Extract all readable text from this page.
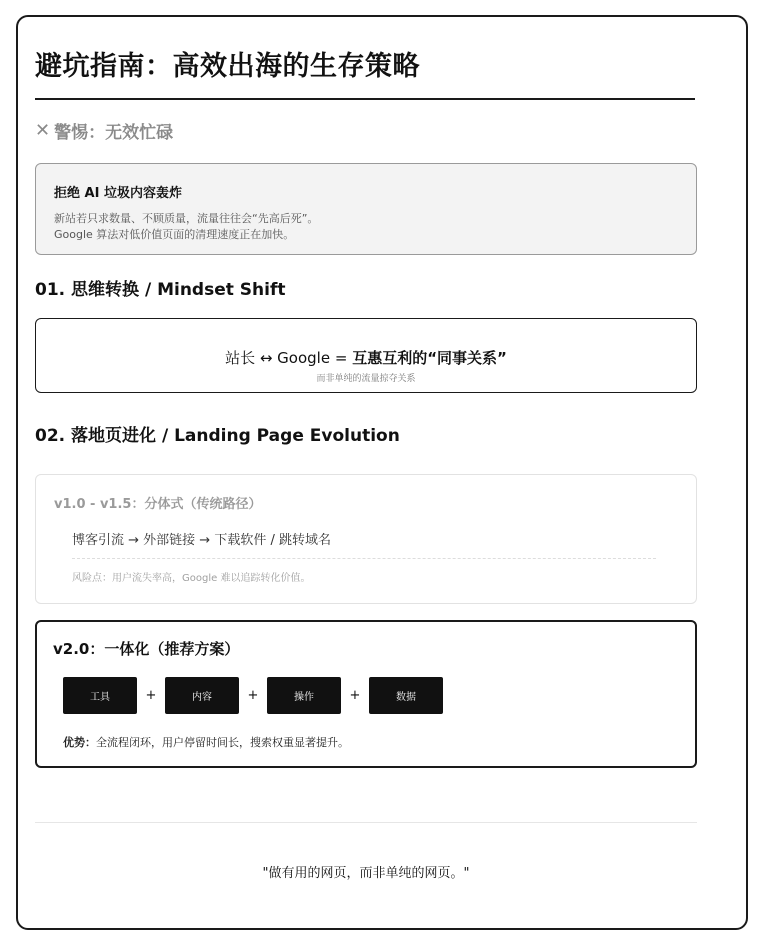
避坑指南：高效出海的生存策略
✕ 警惕：无效忙碌
拒绝 AI 垃圾内容轰炸
新站若只求数量、不顾质量，流量往往会“先高后死”。
Google 算法对低价值页面的清理速度正在加快。
01. 思维转换 / Mindset Shift
站长 ↔ Google = 互惠互利的“同事关系”
而非单纯的流量掠夺关系
02. 落地页进化 / Landing Page Evolution
v1.0 - v1.5：分体式（传统路径）
博客引流 → 外部链接 → 下载软件 / 跳转域名
风险点：用户流失率高，Google 难以追踪转化价值。
v2.0：一体化（推荐方案）
工具	+	内容	+	操作	+	数据
优势：全流程闭环，用户停留时间长，搜索权重显著提升。
"做有用的网页，而非单纯的网页。"
